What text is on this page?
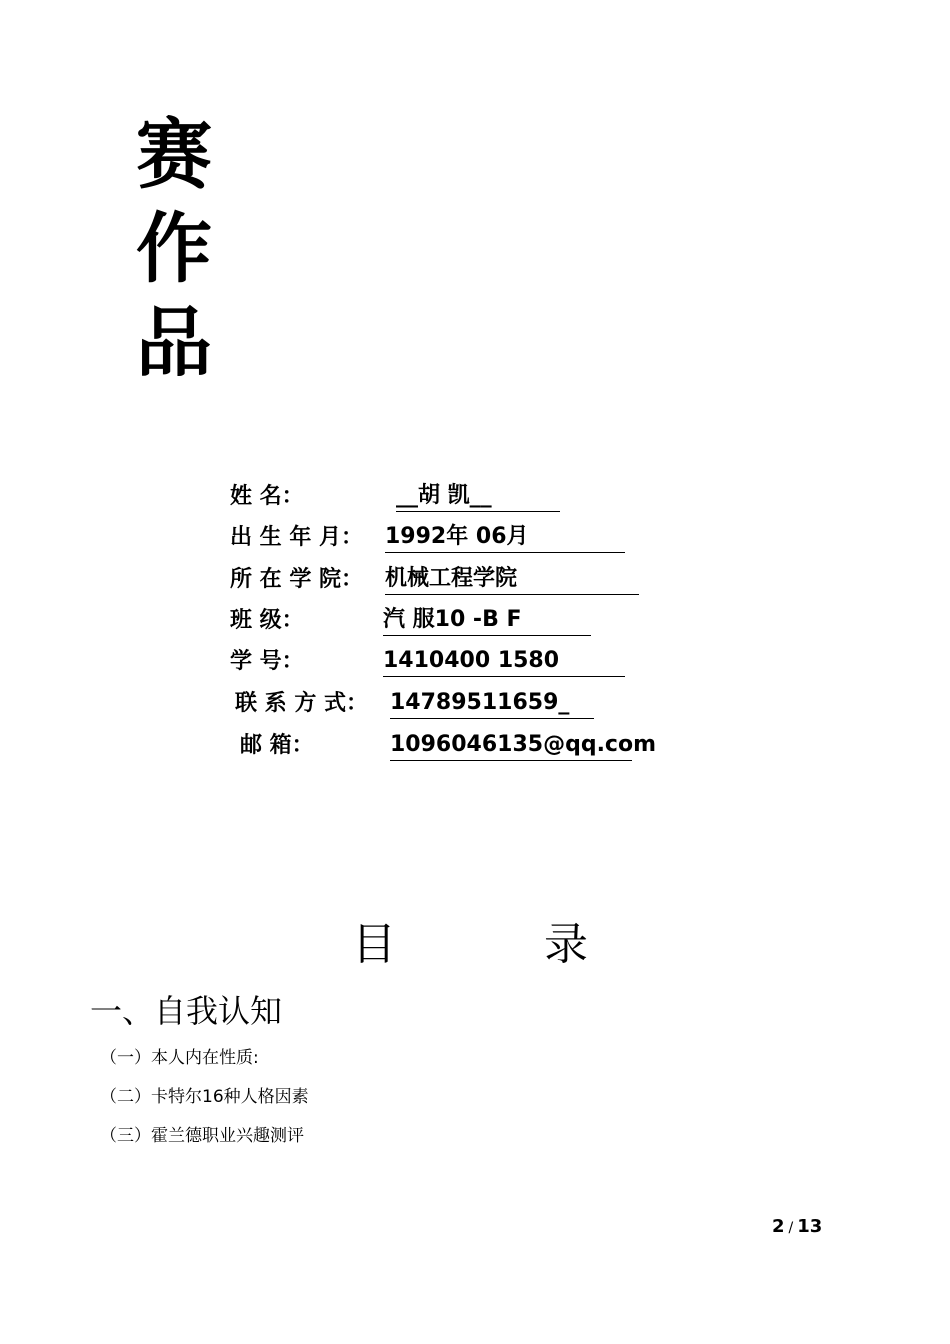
赛
作
品
姓 名：	__胡 凯__
出 生 年 月： 1992年 06月
所 在 学 院： 机械工程学院
班 级：	汽 服10 -B F
学 号：	1410400 1580
联 系 方 式： 14789511659_
邮 箱：	1096046135@qq.com
目	录
一、自我认知
（一）本人内在性质:
（二）卡特尔16种人格因素
（三）霍兰德职业兴趣测评
2 / 13
